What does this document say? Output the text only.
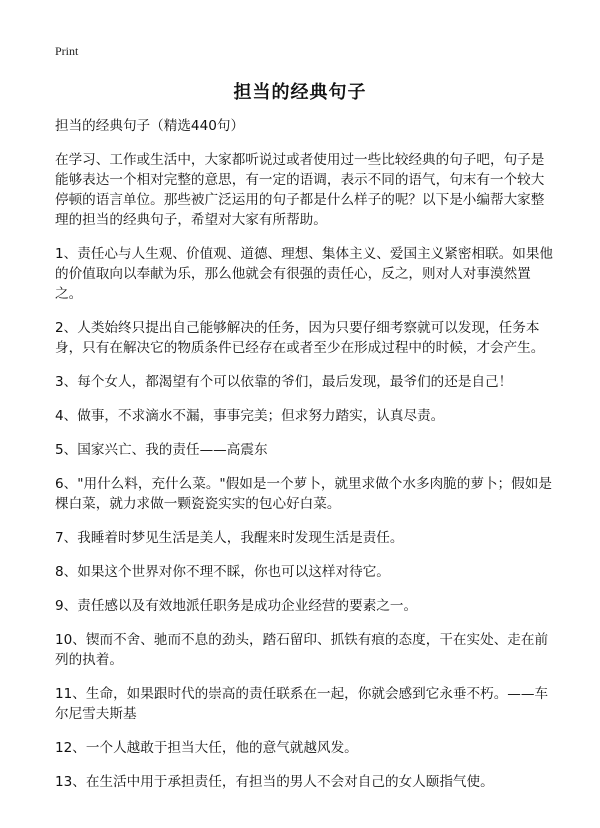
Print
担当的经典句子

担当的经典句子（精选440句）

在学习、工作或生活中，大家都听说过或者使用过一些比较经典的句子吧，句子是能够表达一个相对完整的意思，有一定的语调，表示不同的语气，句末有一个较大停顿的语言单位。那些被广泛运用的句子都是什么样子的呢？以下是小编帮大家整理的担当的经典句子，希望对大家有所帮助。

1、责任心与人生观、价值观、道德、理想、集体主义、爱国主义紧密相联。如果他的价值取向以奉献为乐，那么他就会有很强的责任心，反之，则对人对事漠然置之。

2、人类始终只提出自己能够解决的任务，因为只要仔细考察就可以发现，任务本身，只有在解决它的物质条件已经存在或者至少在形成过程中的时候，才会产生。

3、每个女人，都渴望有个可以依靠的爷们，最后发现，最爷们的还是自己！

4、做事，不求滴水不漏，事事完美；但求努力踏实，认真尽责。

5、国家兴亡、我的责任——高震东

6、"用什么料，充什么菜。"假如是一个萝卜，就里求做个水多肉脆的萝卜；假如是棵白菜，就力求做一颗瓷瓷实实的包心好白菜。

7、我睡着时梦见生活是美人，我醒来时发现生活是责任。

8、如果这个世界对你不理不睬，你也可以这样对待它。

9、责任感以及有效地派任职务是成功企业经营的要素之一。

10、锲而不舍、驰而不息的劲头，踏石留印、抓铁有痕的态度，干在实处、走在前列的执着。

11、生命，如果跟时代的崇高的责任联系在一起，你就会感到它永垂不朽。——车尔尼雪夫斯基

12、一个人越敢于担当大任，他的意气就越风发。

13、在生活中用于承担责任，有担当的男人不会对自己的女人颐指气使。
